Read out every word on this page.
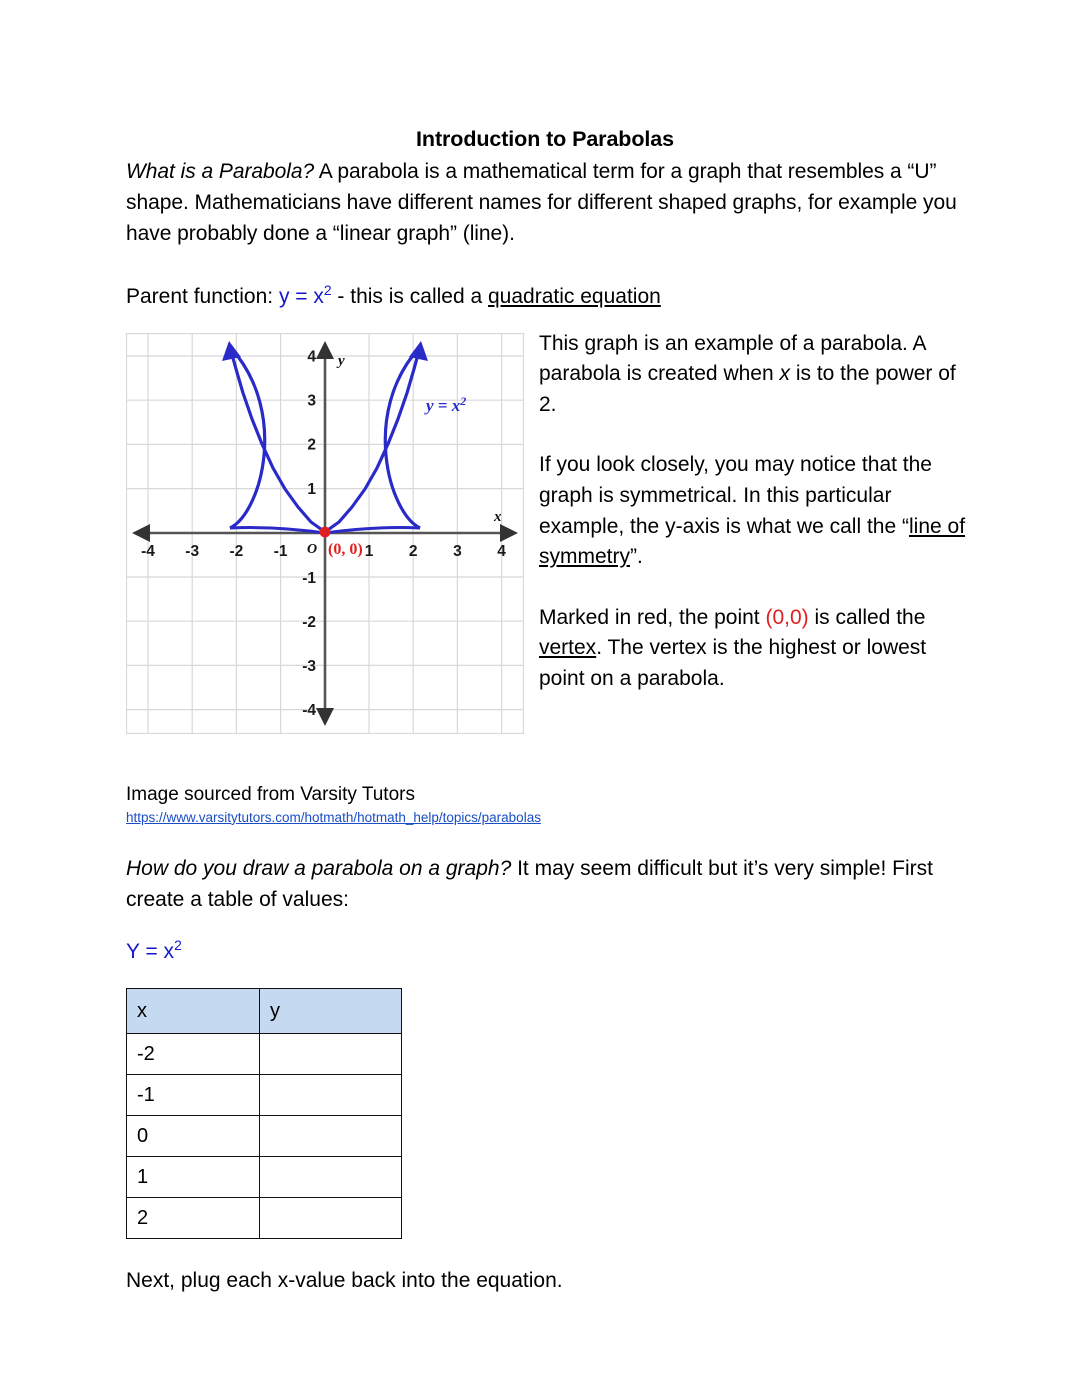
Introduction to Parabolas

What is a Parabola? A parabola is a mathematical term for a graph that resembles a “U” shape. Mathematicians have different names for different shaped graphs, for example you have probably done a “linear graph” (line).

Parent function: $y = x^2$ - this is called a quadratic equation

-4 -3 -2 -1	1 2 3 4
4
3
2
1
-1
-2
-3
-4
O (0, 0)
$y = x^2$
y
x

This graph is an example of a parabola. A parabola is created when x is to the power of 2.

If you look closely, you may notice that the graph is symmetrical. In this particular example, the y-axis is what we call the “line of symmetry”.

Marked in red, the point (0,0) is called the vertex. The vertex is the highest or lowest point on a parabola.

Image sourced from Varsity Tutors
https://www.varsitytutors.com/hotmath/hotmath_help/topics/parabolas

How do you draw a parabola on a graph? It may seem difficult but it’s very simple! First create a table of values:

$Y = x^2$

x	y
-2	
-1	
0	
1	
2	

Next, plug each x-value back into the equation.
